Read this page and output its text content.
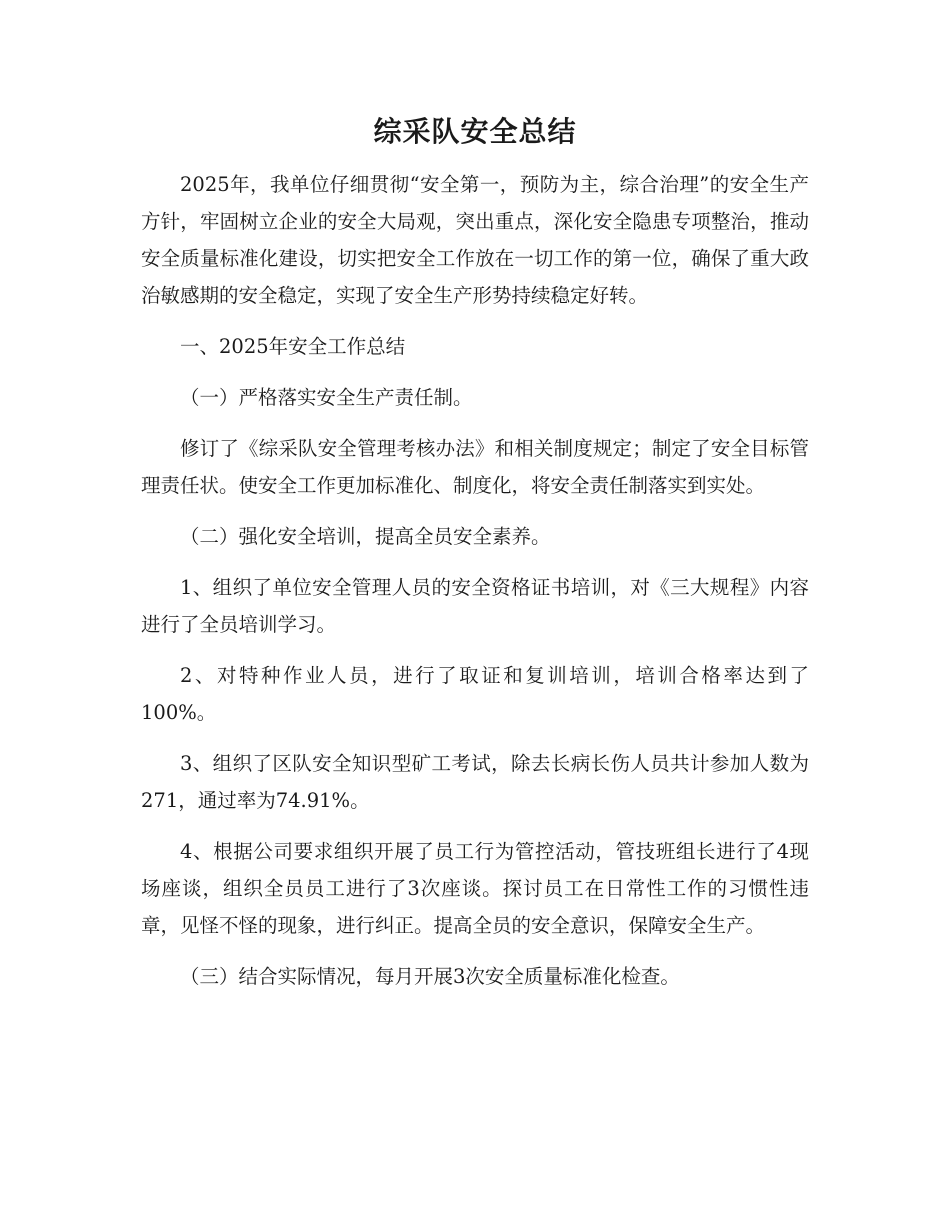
综采队安全总结

2025年，我单位仔细贯彻“安全第一，预防为主，综合治理”的安全生产方针，牢固树立企业的安全大局观，突出重点，深化安全隐患专项整治，推动安全质量标准化建设，切实把安全工作放在一切工作的第一位，确保了重大政治敏感期的安全稳定，实现了安全生产形势持续稳定好转。

一、2025年安全工作总结

（一）严格落实安全生产责任制。

修订了《综采队安全管理考核办法》和相关制度规定；制定了安全目标管理责任状。使安全工作更加标准化、制度化，将安全责任制落实到实处。

（二）强化安全培训，提高全员安全素养。

1、组织了单位安全管理人员的安全资格证书培训，对《三大规程》内容进行了全员培训学习。

2、对特种作业人员，进行了取证和复训培训，培训合格率达到了100%。

3、组织了区队安全知识型矿工考试，除去长病长伤人员共计参加人数为271，通过率为74.91%。

4、根据公司要求组织开展了员工行为管控活动，管技班组长进行了4现场座谈，组织全员员工进行了3次座谈。探讨员工在日常性工作的习惯性违章，见怪不怪的现象，进行纠正。提高全员的安全意识，保障安全生产。

（三）结合实际情况，每月开展3次安全质量标准化检查。
